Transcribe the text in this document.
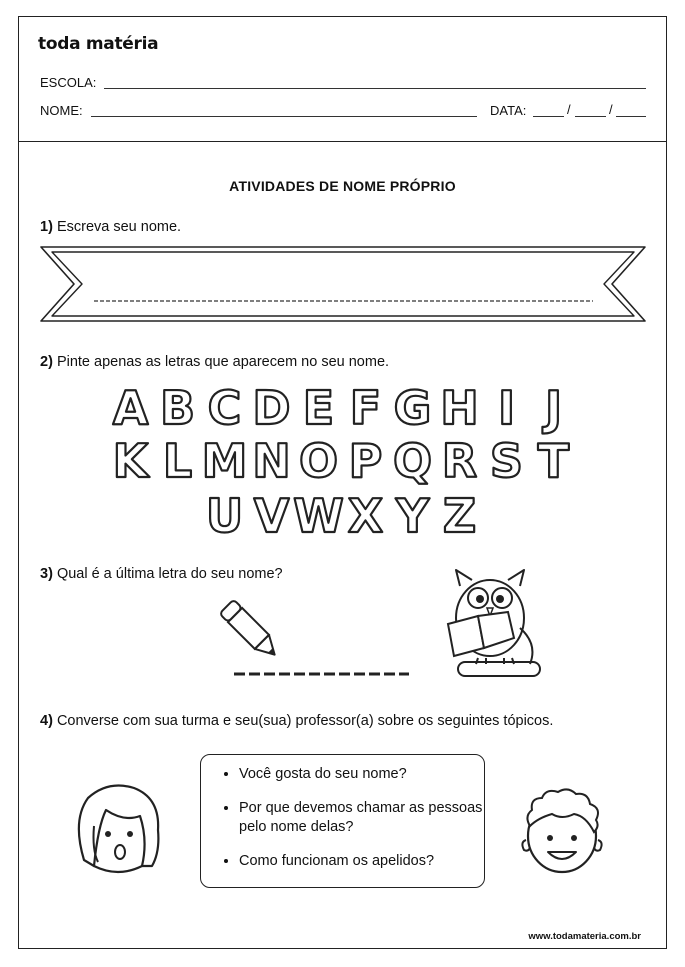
toda matéria
ESCOLA:
NOME:	DATA:	/	/
ATIVIDADES DE NOME PRÓPRIO
1) Escreva seu nome.
2) Pinte apenas as letras que aparecem no seu nome.
A B C D E F G H I J
K L M N O P Q R S T
U V W X Y Z
3) Qual é a última letra do seu nome?
4) Converse com sua turma e seu(sua) professor(a) sobre os seguintes tópicos.
• Você gosta do seu nome?
• Por que devemos chamar as pessoas pelo nome delas?
• Como funcionam os apelidos?
www.todamateria.com.br
